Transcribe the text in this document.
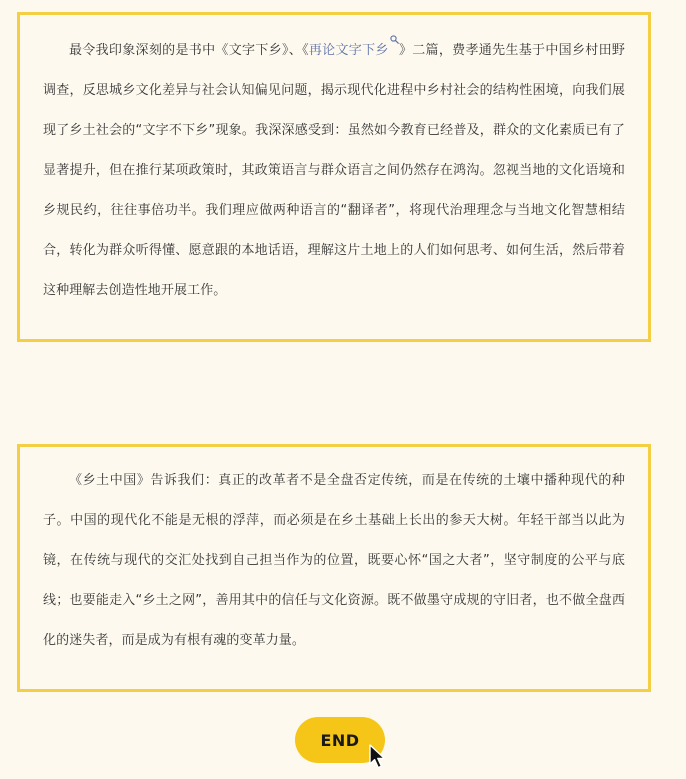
最令我印象深刻的是书中《文字下乡》、《再论文字下乡 》二篇，费孝通先生基于中国乡村田野调查，反思城乡文化差异与社会认知偏见问题，揭示现代化进程中乡村社会的结构性困境，向我们展现了乡土社会的“文字不下乡”现象。我深深感受到：虽然如今教育已经普及，群众的文化素质已有了显著提升，但在推行某项政策时，其政策语言与群众语言之间仍然存在鸿沟。忽视当地的文化语境和乡规民约，往往事倍功半。我们理应做两种语言的“翻译者”，将现代治理理念与当地文化智慧相结合，转化为群众听得懂、愿意跟的本地话语，理解这片土地上的人们如何思考、如何生活，然后带着这种理解去创造性地开展工作。

《乡土中国》告诉我们：真正的改革者不是全盘否定传统，而是在传统的土壤中播种现代的种子。中国的现代化不能是无根的浮萍，而必须是在乡土基础上长出的参天大树。年轻干部当以此为镜，在传统与现代的交汇处找到自己担当作为的位置，既要心怀“国之大者”，坚守制度的公平与底线；也要能走入“乡土之网”，善用其中的信任与文化资源。既不做墨守成规的守旧者，也不做全盘西化的迷失者，而是成为有根有魂的变革力量。

END
